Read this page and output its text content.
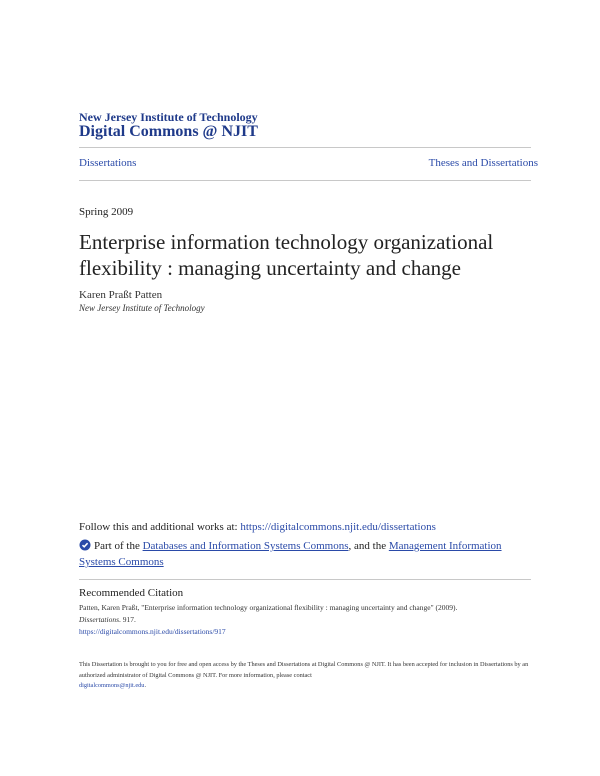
New Jersey Institute of Technology
Digital Commons @ NJIT
Dissertations	Theses and Dissertations
Spring 2009
Enterprise information technology organizational flexibility : managing uncertainty and change
Karen Praßt Patten
New Jersey Institute of Technology
Follow this and additional works at: https://digitalcommons.njit.edu/dissertations
Part of the Databases and Information Systems Commons, and the Management Information Systems Commons
Recommended Citation
Patten, Karen Praßt, "Enterprise information technology organizational flexibility : managing uncertainty and change" (2009).
Dissertations. 917.
https://digitalcommons.njit.edu/dissertations/917
This Dissertation is brought to you for free and open access by the Theses and Dissertations at Digital Commons @ NJIT. It has been accepted for inclusion in Dissertations by an authorized administrator of Digital Commons @ NJIT. For more information, please contact
digitalcommons@njit.edu.
